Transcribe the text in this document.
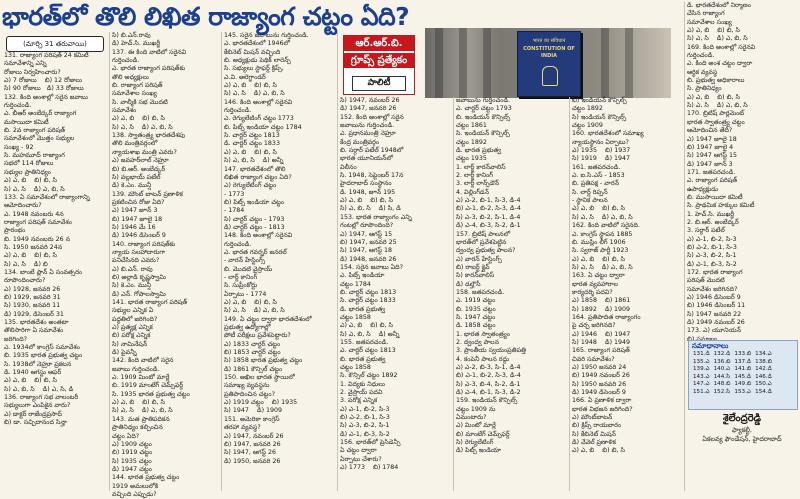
భారత్‌లో తొలి లిఖిత రాజ్యాంగ చట్టం ఏది?
(మార్చి 31 తరువాయి)	ఆర్.ఆర్.బి.
గ్రూప్స్ ప్రత్యేకం
పాలిటీ
भारत का संविधान
CONSTITUTION OF INDIA

131. రాజ్యాంగ పరిషత్‌ 24 కమిటీ

సమావేశాన్ని ఎన్ని

రోజులు నిర్వహించారు?

ఎ) 7 రోజులు    బి) 12 రోజులు

సి) 90 రోజులు   డి) 33 రోజులు

132. కింది అంశాల్లో సరైన జవాబు

గుర్తించండి.

ఎ. బీఆర్ అంబేద్కర్ రాజ్యాంగ

మసాయిదా కమిటీ

బి. 2వ రాజ్యాంగ పరిషత్‌

సమావేశంలో మొత్తం సభ్యుల

సంఖ్య - 92

సి. మహమూద్ రాజ్యాంగ

సభలో 114 రోజులు

సభ్యుల ప్రాతినిధ్యం

ఎ) ఎ, బి    బి) బి, సి

సి) ఎ, సి    డి) ఎ, బి, సి

133. ఏ సమావేశంలో రాజ్యాంగాన్ని

ఆమోదించారు?

ఎ. 1948 నవంబరు 4న

రాజ్యాంగ పరిషత్‌ సమావేశం

ప్రారంభం

బి. 1949 నవంబరు 26 న

సి. 1950 జనవరి 24న

ఎ) ఎ, బి    బి) బి, సి

సి) ఎ, సి    డి) బి

134. బాంబే ప్లాన్ ఏ సంవత్సరం

రూపొందించారు?

ఎ) 1928, జనవరి 26

బి) 1929, జనవరి 31

సి) 1930, జనవరి 11

డి) 1929, డిసెంబర్ 31

135. భారతదేశం అంతటా

తొలిసారిగా ఏ సమావేశం

జరిగింది?

ఎ. 1934లో కాంగ్రెస్ సమావేశం

బి. 1935 భారత ప్రభుత్వ చట్టం

సి. 1938లో నెహ్రూ ప్రకటన

డి. 1940 ఆగస్టు ఆఫర్

ఎ) ఎ, బి    బి) బి, సి

సి) ఎ, బి, సి    డి) ఎ, సి, డి

136. రాజ్యాంగ సభ వాలంటరీ

సభ్యులుగా ఎంపికైన వారు?

ఎ) డాక్టర్ రాజేంద్రప్రసాద్

బి) డా. సచ్చిదానంద సిన్హా

సి) బి.ఎన్.రావు

డి) హెచ్.సి. ముఖర్జీ

137. ఈ కింది వాటిలో సరైనవి

గుర్తించండి.

ఎ. భారత రాజ్యాంగ పరిషత్‌కు

తొలి అధ్యక్షులు

బి. రాజ్యాంగ పరిషత్‌

సమావేశాల సంఖ్య

సి. వాల్మీకి సభ మొదటి

సమావేశం

ఎ) ఎ, బి    బి) బి, సి

సి) ఎ, సి    డి) ఎ, బి, సి

138. స్వాతంత్ర్య భారతదేశపు

తొలి మంత్రివర్గంలో

న్యాయశాఖ మంత్రి ఎవరు?

ఎ) జవహర్‌లాల్‌ నెహ్రూ

బి) బి.ఆర్‌. అంబేద్కర్

సి) వల్లభాయ్ పటేల్

డి) కె.ఎం. మున్షీ

139. మౌంట్‌ బాటన్ ప్రణాళిక

ప్రకటించిన రోజు ఏది?

ఎ) 1947 జూన్‌ 3

బి) 1947 జూలై 18

సి) 1946 మే 16

డి) 1946 డిసెంబర్ 9

140. రాజ్యాంగ పరిషత్‌కు

న్యాయ సలహాదారుగా

పనిచేసినది ఎవరు?

ఎ) బి.ఎన్. రావు

బి) అల్లాడి కృష్ణస్వామి

సి) కె.ఎం. మున్షీ

డి) ఎన్. గోపాలస్వామి

141. భారత రాజ్యాంగ పరిషత్‌

సభ్యుల ఎన్నిక ఏ

పద్ధతిలో జరిగింది?

ఎ) ప్రత్యక్ష ఎన్నిక

బి) పరోక్ష ఎన్నిక

సి) నామినేషన్

డి) పైవన్నీ

142. కింది వాటిలో సరైన

జవాబు గుర్తించండి.

ఎ. 1909 మింటో మార్లే

బి. 1919 మాంటేగ్ చెమ్స్‌ఫర్డ్

సి. 1935 భారత ప్రభుత్వ చట్టం

ఎ) ఎ, బి    బి) బి, సి

సి) ఎ, సి    డి) ఎ, బి, సి

143. మత ప్రాతిపదికన

ప్రాతినిధ్యం కల్పించిన

చట్టం ఏది?

ఎ) 1909 చట్టం

బి) 1919 చట్టం

సి) 1935 చట్టం

డి) 1947 చట్టం

144. భారత ప్రభుత్వ చట్టం

1919 అమలులోకి

వచ్చింది ఎప్పుడు?

145. సరైన జవాబును గుర్తించండి.

ఎ. భారతదేశంలో 1946లో

కేబినెట్ మిషన్ వచ్చింది

బి. అధ్యక్షుడు పెథిక్ లారెన్స్

సి. సభ్యులు స్టాఫర్డ్ క్రిప్స్,

ఎ.వి. అలెగ్జాండర్

ఎ) ఎ, బి    బి) బి, సి

సి) ఎ, సి    డి) ఎ, బి, సి

146. కింది అంశాల్లో సరైనవి

గుర్తించండి.

ఎ. రెగ్యులేటింగ్ చట్టం 1773

బి. పిట్స్ ఇండియా చట్టం 1784

సి. చార్టర్ చట్టం 1813

డి. చార్టర్ చట్టం 1833

ఎ) ఎ, బి    బి) బి, సి

సి) ఎ, బి, సి    డి) అన్నీ

147. భారతదేశంలో తొలి

లిఖిత రాజ్యాంగ చట్టం ఏది?

ఎ) రెగ్యులేటింగ్ చట్టం

- 1773

బి) పిట్స్ ఇండియా చట్టం

- 1784

సి) చార్టర్ చట్టం - 1793

డి) చార్టర్ చట్టం - 1813

148. కింది అంశాల్లో సరైనవి

గుర్తించండి.

ఎ. భారత గవర్నర్ జనరల్

- వారన్ హేస్టింగ్స్

బి. మొదటి వైస్రాయ్

- లార్డ్ కానింగ్

సి. సుప్రీంకోర్టు

ఏర్పాటు - 1774

ఎ) ఎ, బి    బి) బి, సి

సి) ఎ, సి    డి) ఎ, బి, సి

149. ఏ చట్టం ద్వారా భారతదేశంలో

ప్రభుత్వ ఉద్యోగాల్లో

పోటీ పరీక్షలు ప్రవేశపెట్టారు?

ఎ) 1833 చార్టర్ చట్టం

బి) 1853 చార్టర్ చట్టం

సి) 1858 భారత ప్రభుత్వ చట్టం

డి) 1861 కౌన్సిల్ చట్టం

150. అఖిల భారత స్థాయిలో

సమాఖ్య వ్యవస్థను

ప్రతిపాదించిన చట్టం?

ఎ) 1919 చట్టం    బి) 1935

సి) 1947    డి) 1909

151. అమెరికా కాంగ్రెస్

తరహా వ్యవస్థ?

ఎ) 1947, నవంబర్ 26

బి) 1947, జనవరి 26

సి) 1947, ఆగస్ట్ 26

డి) 1950, జనవరి 26

సి) 1947, నవంబర్ 26

డి) 1947, జనవరి 26

152. కింది అంశాల్లో సరైన

జవాబును గుర్తించండి.

ఎ. ప్రధానమంత్రి నెహ్రూ

కేంద్ర మంత్రివర్గం

బి. సర్దార్ పటేల్ 1948లో

భారత యూనియన్‌లో

విలీనం

సి. 1948, సెప్టెంబర్ 17న

హైదరాబాద్ సంస్థానం

డి. 1948, జూన్ 195

ఎ) ఎ, బి    బి) బి, సి

సి) ఎ, బి, సి    డి) సి, డి

153. భారత రాజ్యాంగం ఎన్ని

గంటల్లో రూపొందింది?

ఎ) 1947, ఆగస్ట్ 15

బి) 1947, జనవరి 25

సి) 1947, ఆగస్ట్ 18

డి) 1948, జనవరి 26

154. సరైన జవాబు ఏది?

ఎ. పిట్స్ ఇండియా

చట్టం 1784

బి. చార్టర్ చట్టం 1813

సి. చార్టర్ చట్టం 1833

డి. భారత ప్రభుత్వ

చట్టం 1858

ఎ) ఎ, బి    బి) బి, సి

సి) ఎ, బి, సి    డి) అన్నీ

155. జతపరచండి.

ఎ. చార్టర్ చట్టం 1813

బి. భారత ప్రభుత్వ

చట్టం 1858

సి. కౌన్సిల్ చట్టం 1892

1. విద్యకు నిధులు

2. వైస్రాయ్ పదవి

3. పరోక్ష ఎన్నిక

ఎ) ఎ-1, బి-2, సి-3

బి) ఎ-2, బి-1, సి-3

సి) ఎ-3, బి-2, సి-1

డి) ఎ-1, బి-3, సి-2

156. భారత్‌లో ప్రెసిడెన్సీ

ఏ చట్టం ద్వారా

ఏర్పాటు చేశారు?

ఎ) 1773    బి) 1784

జవాబును గుర్తించండి.

ఎ. చార్టర్ చట్టం 1793

బి. ఇండియన్ కౌన్సిల్స్

చట్టం 1861

సి. ఇండియన్ కౌన్సిల్స్

చట్టం 1892

డి. భారత ప్రభుత్వ

చట్టం 1935

1. లార్డ్ కారన్‌వాలిస్

2. లార్డ్ కానింగ్

3. లార్డ్ లాన్స్‌డౌన్

4. విల్లింగ్‌డన్

ఎ) ఎ-2, బి-1, సి-3, డి-4

బి) ఎ-1, బి-2, సి-3, డి-4

సి) ఎ-3, బి-2, సి-1, డి-4

డి) ఎ-4, బి-3, సి-2, డి-1

157. బ్రిటిష్ పాలనలో

భారత్‌లో ప్రవేశపెట్టిన

ద్వంద్వ ప్రభుత్వ పాలన?

ఎ) వారన్ హేస్టింగ్స్

బి) రాబర్ట్ క్లైవ్

సి) కారన్‌వాలిస్

డి) డల్హౌసీ

158. జతపరచండి.

ఎ. 1919 చట్టం

బి. 1935 చట్టం

సి. 1947 చట్టం

డి. 1858 చట్టం

1. భారత స్వాతంత్ర్యం

2. ద్వంద్వ పాలన

3. ప్రాంతీయ స్వయంప్రతిపత్తి

4. కంపెనీ పాలన రద్దు

ఎ) ఎ-2, బి-3, సి-1, డి-4

బి) ఎ-1, బి-2, సి-3, డి-4

సి) ఎ-3, బి-4, సి-2, డి-1

డి) ఎ-4, బి-1, సి-3, డి-2

159. ఇండియన్ కౌన్సిల్స్

చట్టం 1909 ను

ఏమంటారు?

ఎ) మింటో మార్లే

బి) మాంటేగ్ చెమ్స్‌ఫర్డ్

సి) రెగ్యులేటింగ్

డి) పిట్స్ ఇండియా

బి) ఇండియన్ కౌన్సిల్స్

చట్టం 1892

సి) ఇండియన్ కౌన్సిల్స్

చట్టం 1909

160. భారతదేశంలో సమాఖ్య

న్యాయస్థానం ఏర్పాటు?

ఎ) 1935    బి) 1937

సి) 1919    డి) 1947

161. జతపరచండి.

ఎ. ఐ.సి.ఎస్ - 1853

బి. ప్రతిపక్ష - వారన్

సి. లార్డ్ రిప్పన్

- స్థానిక పాలన

ఎ) ఎ, బి    బి) బి, సి

సి) ఎ, సి    డి) ఎ, బి, సి

162. కింది వాటిలో సరైనది.

ఎ. కాంగ్రెస్ స్థాపన 1885

బి. ముస్లిం లీగ్ 1906

సి. స్వరాజ్ పార్టీ 1923

ఎ) ఎ, బి    బి) బి, సి

సి) ఎ, సి    డి) ఎ, బి, సి

163. ఏ చట్టం ద్వారా

భారత వ్యవహారాల

కార్యదర్శి పదవి?

ఎ) 1858    బి) 1861

సి) 1892    డి) 1909

164. ప్రతిపాదిత రాజ్యాంగం

పై చర్చ జరిగినది?

ఎ) 1946    బి) 1947

సి) 1948    డి) 1949

165. రాజ్యాంగ పరిషత్‌

చివరి సమావేశం?

ఎ) 1950 జనవరి 24

బి) 1949 నవంబర్ 26

సి) 1950 జనవరి 26

డి) 1949 డిసెంబర్ 9

166. ఏ ప్రణాళిక ద్వారా

భారత విభజన జరిగింది?

ఎ) మౌంట్‌బాటన్

బి) క్రిప్స్ రాయబారం

సి) కేబినెట్ మిషన్

డి) వేవెల్ ప్రణాళిక

ఎ) ఎ, బి    బి) బి, సి

డి. భారతదేశంలో నిర్మాణం

చేసిన రాజ్యాంగ

సమావేశాల సంఖ్య

ఎ) ఎ, బి    బి) బి, సి

సి) ఎ, సి    డి) ఎ, బి, సి

169. కింది అంశాల్లో సరైనవి

గుర్తించండి.

ఎ. కింది అంశ చట్టం ద్వారా

ఆర్థిక వ్యవస్థ

బి. ప్రభుత్వ అధికారాలు

సి. ప్రాతినిధ్యం

ఎ) ఎ, బి    బి) బి, సి

సి) ఎ, సి    డి) ఎ, బి, సి

170. బ్రిటిష్ పార్లమెంట్

భారత స్వాతంత్ర్య చట్టం

ఆమోదించిన తేదీ?

ఎ) 1947 జూలై 18

బి) 1947 జూలై 4

సి) 1947 ఆగస్ట్ 15

డి) 1947 జూన్ 3

171. జతపరచండి.

ఎ. రాజ్యాంగ పరిషత్‌

ఉపాధ్యక్షుడు

బి. ముసాయిదా కమిటీ

సి. ప్రాథమిక హక్కుల కమిటీ

1. హెచ్.సి. ముఖర్జీ

2. బి.ఆర్. అంబేద్కర్

3. సర్దార్ పటేల్

ఎ) ఎ-1, బి-2, సి-3

బి) ఎ-2, బి-1, సి-3

సి) ఎ-3, బి-2, సి-1

డి) ఎ-1, బి-3, సి-2

172. భారత రాజ్యాంగ

పరిషత్ మొదటి

సమావేశం జరిగినది?

ఎ) 1946 డిసెంబర్ 9

బి) 1946 డిసెంబర్ 11

సి) 1947 జనవరి 22

డి) 1949 నవంబర్ 26

173. ఎ) యూనియన్

సమాధానాలు
131.డి	132.డి	133.బి	134.ఎ
135.ఎ	136.బి	137.డి	138.బి
139.ఎ	140.ఎ	141.బి	142.డి
143.ఎ	144.సి	145.డి	146.డి
147.ఎ	148.బి	149.బి	150.ఎ
151.ఎ	152.సి	153.ఎ	154.డి
శైలేంద్రరెడ్డి
ఫ్యాకల్టీ,
ఏకలవ్య ఫౌండేషన్, హైదరాబాద్
